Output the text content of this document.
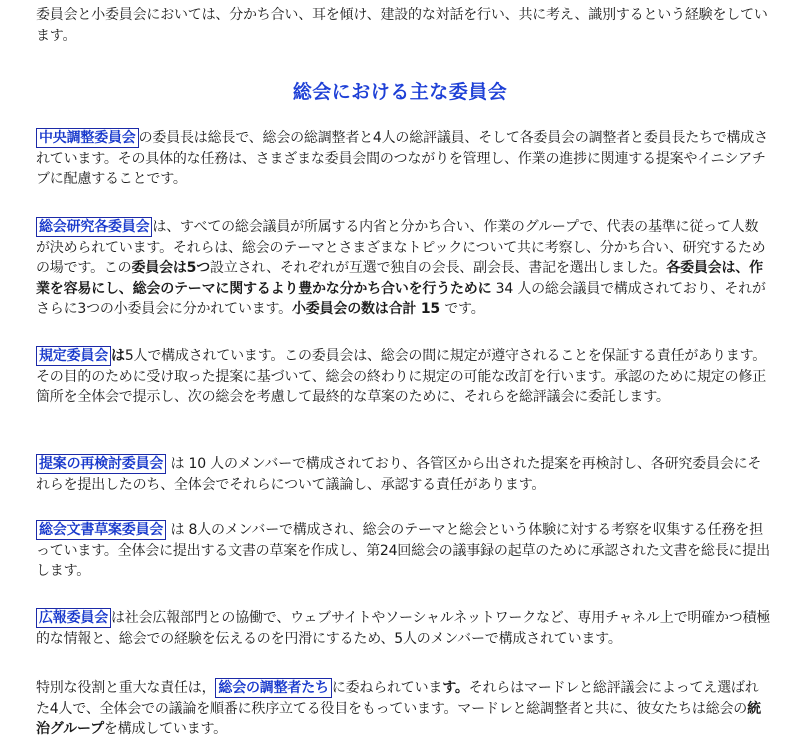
委員会と小委員会においては、分かち合い、耳を傾け、建設的な対話を行い、共に考え、識別するという経験をしています。

総会における主な委員会

中央調整委員会 の委員長は総長で、総会の総調整者と4人の総評議員、そして各委員会の調整者と委員長たちで構成されています。その具体的な任務は、さまざまな委員会間のつながりを管理し、作業の進捗に関連する提案やイニシアチブに配慮することです。

総会研究各委員会 は、すべての総会議員が所属する内省と分かち合い、作業のグループで、代表の基準に従って人数が決められています。それらは、総会のテーマとさまざまなトピックについて共に考察し、分かち合い、研究するための場です。この委員会は5つ設立され、それぞれが互選で独自の会長、副会長、書記を選出しました。各委員会は、作業を容易にし、総会のテーマに関するより豊かな分かち合いを行うために 34 人の総会議員で構成されており、それがさらに3つの小委員会に分かれています。小委員会の数は合計 15 です。

規定委員会 は5人で構成されています。この委員会は、総会の間に規定が遵守されることを保証する責任があります。その目的のために受け取った提案に基づいて、総会の終わりに規定の可能な改訂を行います。承認のために規定の修正箇所を全体会で提示し、次の総会を考慮して最終的な草案のために、それらを総評議会に委託します。

提案の再検討委員会 は 10 人のメンバーで構成されており、各管区から出された提案を再検討し、各研究委員会にそれらを提出したのち、全体会でそれらについて議論し、承認する責任があります。

総会文書草案委員会 は 8人のメンバーで構成され、総会のテーマと総会という体験に対する考察を収集する任務を担っています。全体会に提出する文書の草案を作成し、第24回総会の議事録の起草のために承認された文書を総長に提出します。

広報委員会 は社会広報部門との協働で、ウェブサイトやソーシャルネットワークなど、専用チャネル上で明確かつ積極的な情報と、総会での経験を伝えるのを円滑にするため、5人のメンバーで構成されています。

特別な役割と重大な責任は， 総会の調整者たち に委ねられています。それらはマードレと総評議会によってえ選ばれた4人で、全体会での議論を順番に秩序立てる役目をもっています。マードレと総調整者と共に、彼女たちは総会の統治グループを構成しています。
